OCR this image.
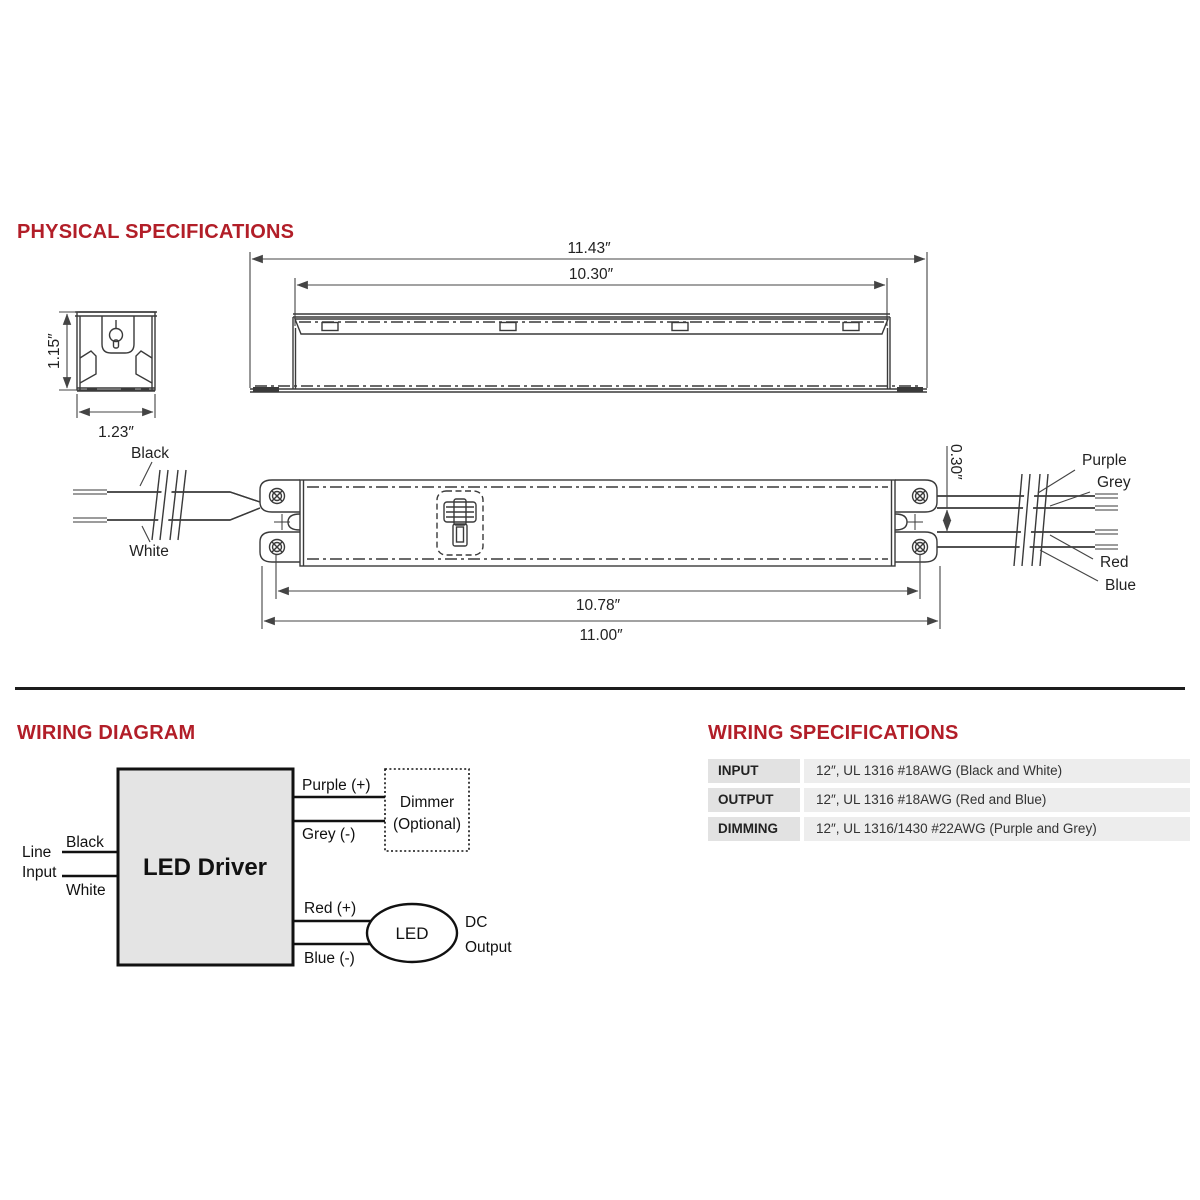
PHYSICAL SPECIFICATIONS
1.15″
1.23″
11.43″
10.30″
Black
White
Purple
Grey
Red
Blue
0.30″
10.78″
11.00″
WIRING DIAGRAM
LED Driver
Line
Input
Black
White
Purple (+)
Grey (-)
Dimmer
(Optional)
Red (+)
Blue (-)
LED
DC
Output
WIRING SPECIFICATIONS
INPUT	12″, UL 1316 #18AWG (Black and White)
OUTPUT	12″, UL 1316 #18AWG (Red and Blue)
DIMMING	12″, UL 1316/1430 #22AWG (Purple and Grey)
